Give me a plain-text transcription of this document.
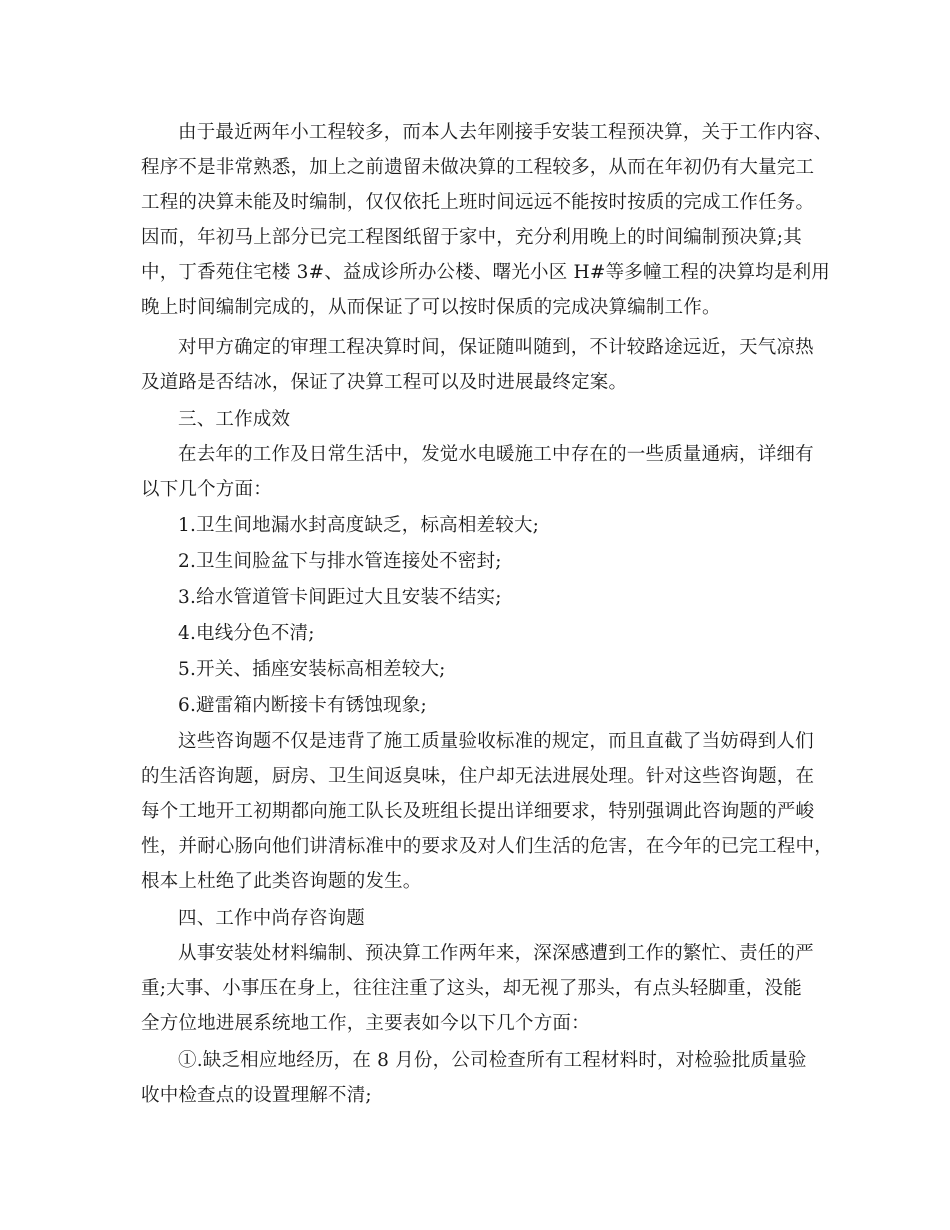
由于最近两年小工程较多，而本人去年刚接手安装工程预决算，关于工作内容、
程序不是非常熟悉，加上之前遗留未做决算的工程较多，从而在年初仍有大量完工
工程的决算未能及时编制，仅仅依托上班时间远远不能按时按质的完成工作任务。
因而，年初马上部分已完工程图纸留于家中，充分利用晚上的时间编制预决算;其
中，丁香苑住宅楼 3#、益成诊所办公楼、曙光小区 H#等多幢工程的决算均是利用
晚上时间编制完成的，从而保证了可以按时保质的完成决算编制工作。
对甲方确定的审理工程决算时间，保证随叫随到，不计较路途远近，天气凉热
及道路是否结冰，保证了决算工程可以及时进展最终定案。
三、工作成效
在去年的工作及日常生活中，发觉水电暖施工中存在的一些质量通病，详细有
以下几个方面：
1.卫生间地漏水封高度缺乏，标高相差较大;
2.卫生间脸盆下与排水管连接处不密封;
3.给水管道管卡间距过大且安装不结实;
4.电线分色不清;
5.开关、插座安装标高相差较大;
6.避雷箱内断接卡有锈蚀现象;
这些咨询题不仅是违背了施工质量验收标准的规定，而且直截了当妨碍到人们
的生活咨询题，厨房、卫生间返臭味，住户却无法进展处理。针对这些咨询题，在
每个工地开工初期都向施工队长及班组长提出详细要求，特别强调此咨询题的严峻
性，并耐心肠向他们讲清标准中的要求及对人们生活的危害，在今年的已完工程中，
根本上杜绝了此类咨询题的发生。
四、工作中尚存咨询题
从事安装处材料编制、预决算工作两年来，深深感遭到工作的繁忙、责任的严
重;大事、小事压在身上，往往注重了这头，却无视了那头，有点头轻脚重，没能
全方位地进展系统地工作，主要表如今以下几个方面：
①.缺乏相应地经历，在 8 月份，公司检查所有工程材料时，对检验批质量验
收中检查点的设置理解不清;
